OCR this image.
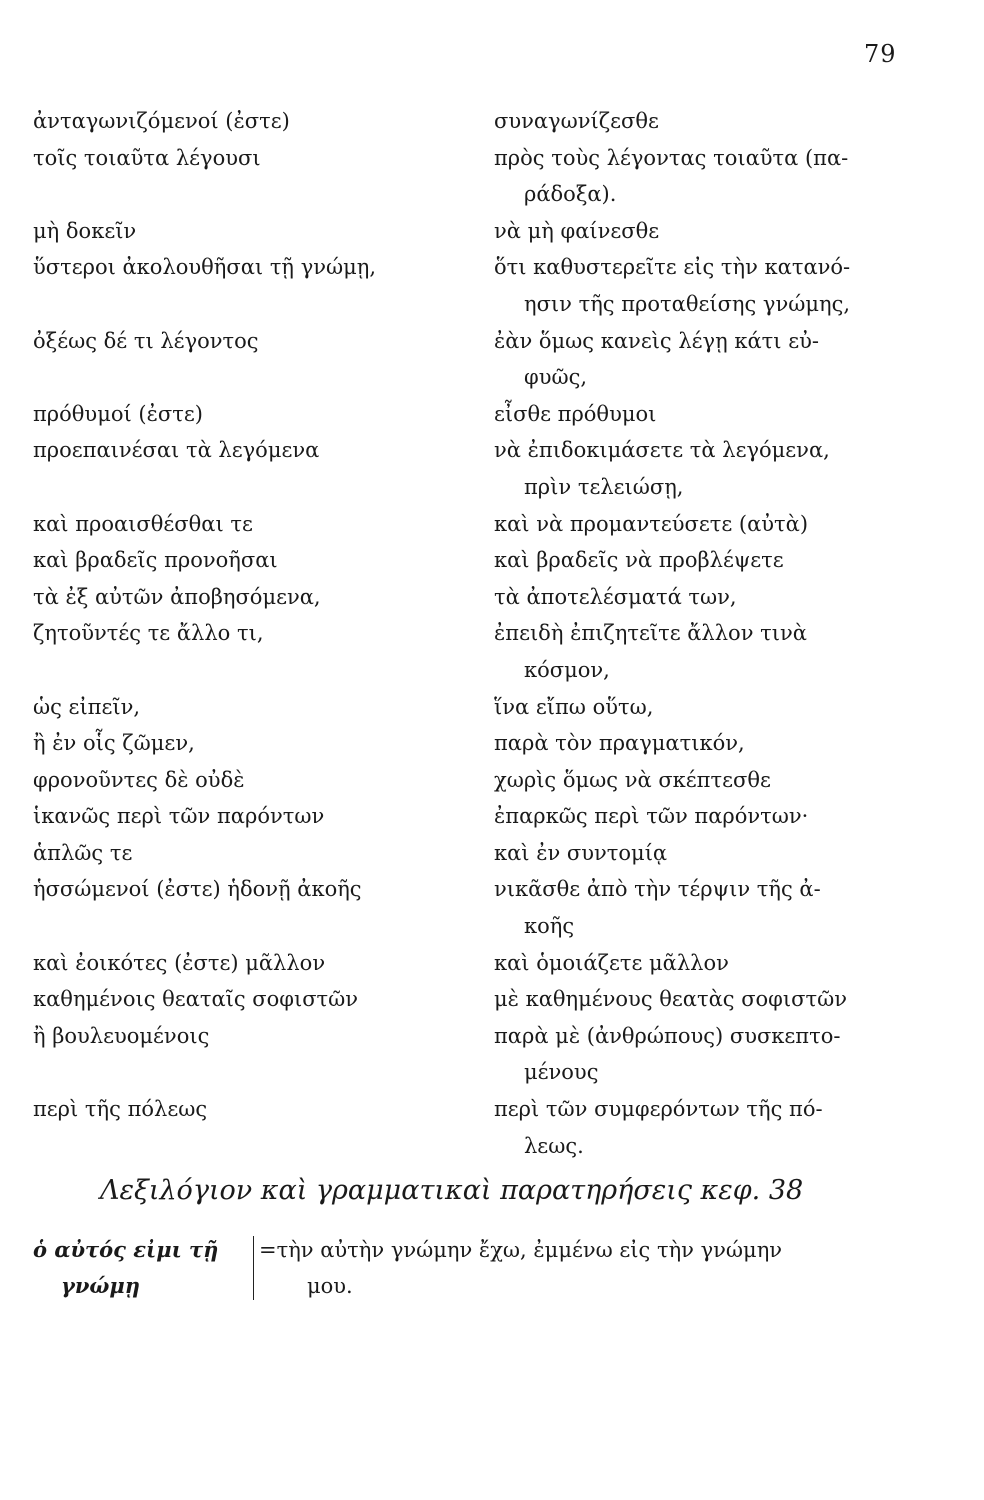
79
ἀνταγωνιζόμενοί (ἐστε)
τοῖς τοιαῦτα λέγουσι
μὴ δοκεῖν
ὕστεροι ἀκολουθῆσαι τῇ γνώμῃ,
ὀξέως δέ τι λέγοντος
πρόθυμοί (ἐστε)
προεπαινέσαι τὰ λεγόμενα
καὶ προαισθέσθαι τε
καὶ βραδεῖς προνοῆσαι
τὰ ἐξ αὐτῶν ἀποβησόμενα,
ζητοῦντές τε ἄλλο τι,
ὡς εἰπεῖν,
ἢ ἐν οἷς ζῶμεν,
φρονοῦντες δὲ οὐδὲ
ἱκανῶς περὶ τῶν παρόντων
ἁπλῶς τε
ἡσσώμενοί (ἐστε) ἡδονῇ ἀκοῆς
καὶ ἐοικότες (ἐστε) μᾶλλον
καθημένοις θεαταῖς σοφιστῶν
ἢ βουλευομένοις
περὶ τῆς πόλεως
συναγωνίζεσθε
πρὸς τοὺς λέγοντας τοιαῦτα (πα-
ράδοξα).
νὰ μὴ φαίνεσθε
ὅτι καθυστερεῖτε εἰς τὴν κατανό-
ησιν τῆς προταθείσης γνώμης,
ἐὰν ὅμως κανεὶς λέγῃ κάτι εὐ-
φυῶς,
εἶσθε πρόθυμοι
νὰ ἐπιδοκιμάσετε τὰ λεγόμενα,
πρὶν τελειώσῃ,
καὶ νὰ προμαντεύσετε (αὐτὰ)
καὶ βραδεῖς νὰ προβλέψετε
τὰ ἀποτελέσματά των,
ἐπειδὴ ἐπιζητεῖτε ἄλλον τινὰ
κόσμον,
ἵνα εἴπω οὕτω,
παρὰ τὸν πραγματικόν,
χωρὶς ὅμως νὰ σκέπτεσθε
ἐπαρκῶς περὶ τῶν παρόντων·
καὶ ἐν συντομίᾳ
νικᾶσθε ἀπὸ τὴν τέρψιν τῆς ἀ-
κοῆς
καὶ ὁμοιάζετε μᾶλλον
μὲ καθημένους θεατὰς σοφιστῶν
παρὰ μὲ (ἀνθρώπους) συσκεπτο-
μένους
περὶ τῶν συμφερόντων τῆς πό-
λεως.
Λεξιλόγιον καὶ γραμματικαὶ παρατηρήσεις κεφ. 38
ὁ αὐτός εἰμι τῇ
γνώμῃ
=τὴν αὐτὴν γνώμην ἔχω, ἐμμένω εἰς τὴν γνώμην
μου.
